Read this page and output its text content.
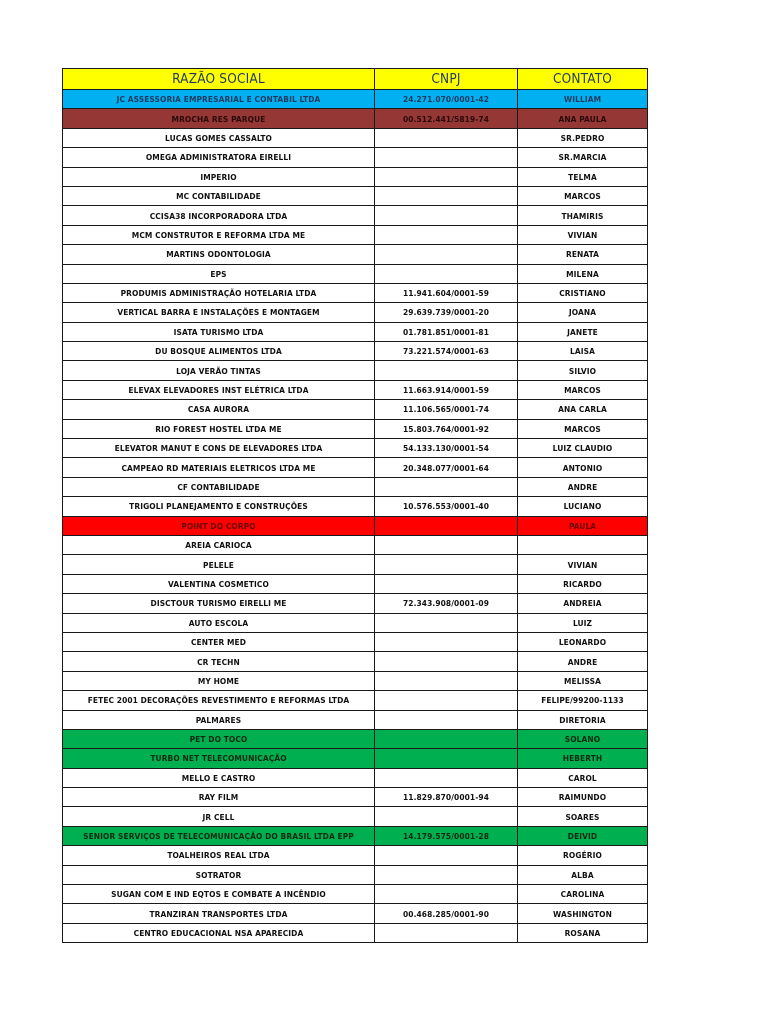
RAZÃO SOCIAL	CNPJ	CONTATO
JC ASSESSORIA EMPRESARIAL E CONTABIL LTDA	24.271.070/0001-42	WILLIAM
MROCHA RES PARQUE	00.512.441/5819-74	ANA PAULA
LUCAS GOMES CASSALTO		SR.PEDRO
OMEGA ADMINISTRATORA EIRELLI		SR.MARCIA
IMPERIO		TELMA
MC CONTABILIDADE		MARCOS
CCISA38 INCORPORADORA LTDA		THAMIRIS
MCM CONSTRUTOR E REFORMA LTDA ME		VIVIAN
MARTINS ODONTOLOGIA		RENATA
EPS		MILENA
PRODUMIS ADMINISTRAÇÃO HOTELARIA LTDA	11.941.604/0001-59	CRISTIANO
VERTICAL BARRA E INSTALAÇÕES E MONTAGEM	29.639.739/0001-20	JOANA
ISATA TURISMO LTDA	01.781.851/0001-81	JANETE
DU BOSQUE ALIMENTOS LTDA	73.221.574/0001-63	LAISA
LOJA VERÃO TINTAS		SILVIO
ELEVAX ELEVADORES INST ELÉTRICA LTDA	11.663.914/0001-59	MARCOS
CASA AURORA	11.106.565/0001-74	ANA CARLA
RIO FOREST HOSTEL LTDA ME	15.803.764/0001-92	MARCOS
ELEVATOR MANUT E CONS DE ELEVADORES LTDA	54.133.130/0001-54	LUIZ CLAUDIO
CAMPEAO RD MATERIAIS ELETRICOS LTDA ME	20.348.077/0001-64	ANTONIO
CF CONTABILIDADE		ANDRE
TRIGOLI PLANEJAMENTO E CONSTRUÇÕES	10.576.553/0001-40	LUCIANO
POINT DO CORPO		PAULA
AREIA CARIOCA		
PELELE		VIVIAN
VALENTINA COSMETICO		RICARDO
DISCTOUR TURISMO EIRELLI ME	72.343.908/0001-09	ANDREIA
AUTO ESCOLA		LUIZ
CENTER MED		LEONARDO
CR TECHN		ANDRE
MY HOME		MELISSA
FETEC 2001 DECORAÇÕES REVESTIMENTO E REFORMAS LTDA		FELIPE/99200-1133
PALMARES		DIRETORIA
PET DO TOCO		SOLANO
TURBO NET TELECOMUNICAÇÃO		HEBERTH
MELLO E CASTRO		CAROL
RAY FILM	11.829.870/0001-94	RAIMUNDO
JR CELL		SOARES
SENIOR SERVIÇOS DE TELECOMUNICAÇÃO DO BRASIL LTDA EPP	14.179.575/0001-28	DEIVID
TOALHEIROS REAL LTDA		ROGÉRIO
SOTRATOR		ALBA
SUGAN COM E IND EQTOS E COMBATE A INCÊNDIO		CAROLINA
TRANZIRAN TRANSPORTES LTDA	00.468.285/0001-90	WASHINGTON
CENTRO EDUCACIONAL NSA APARECIDA		ROSANA
